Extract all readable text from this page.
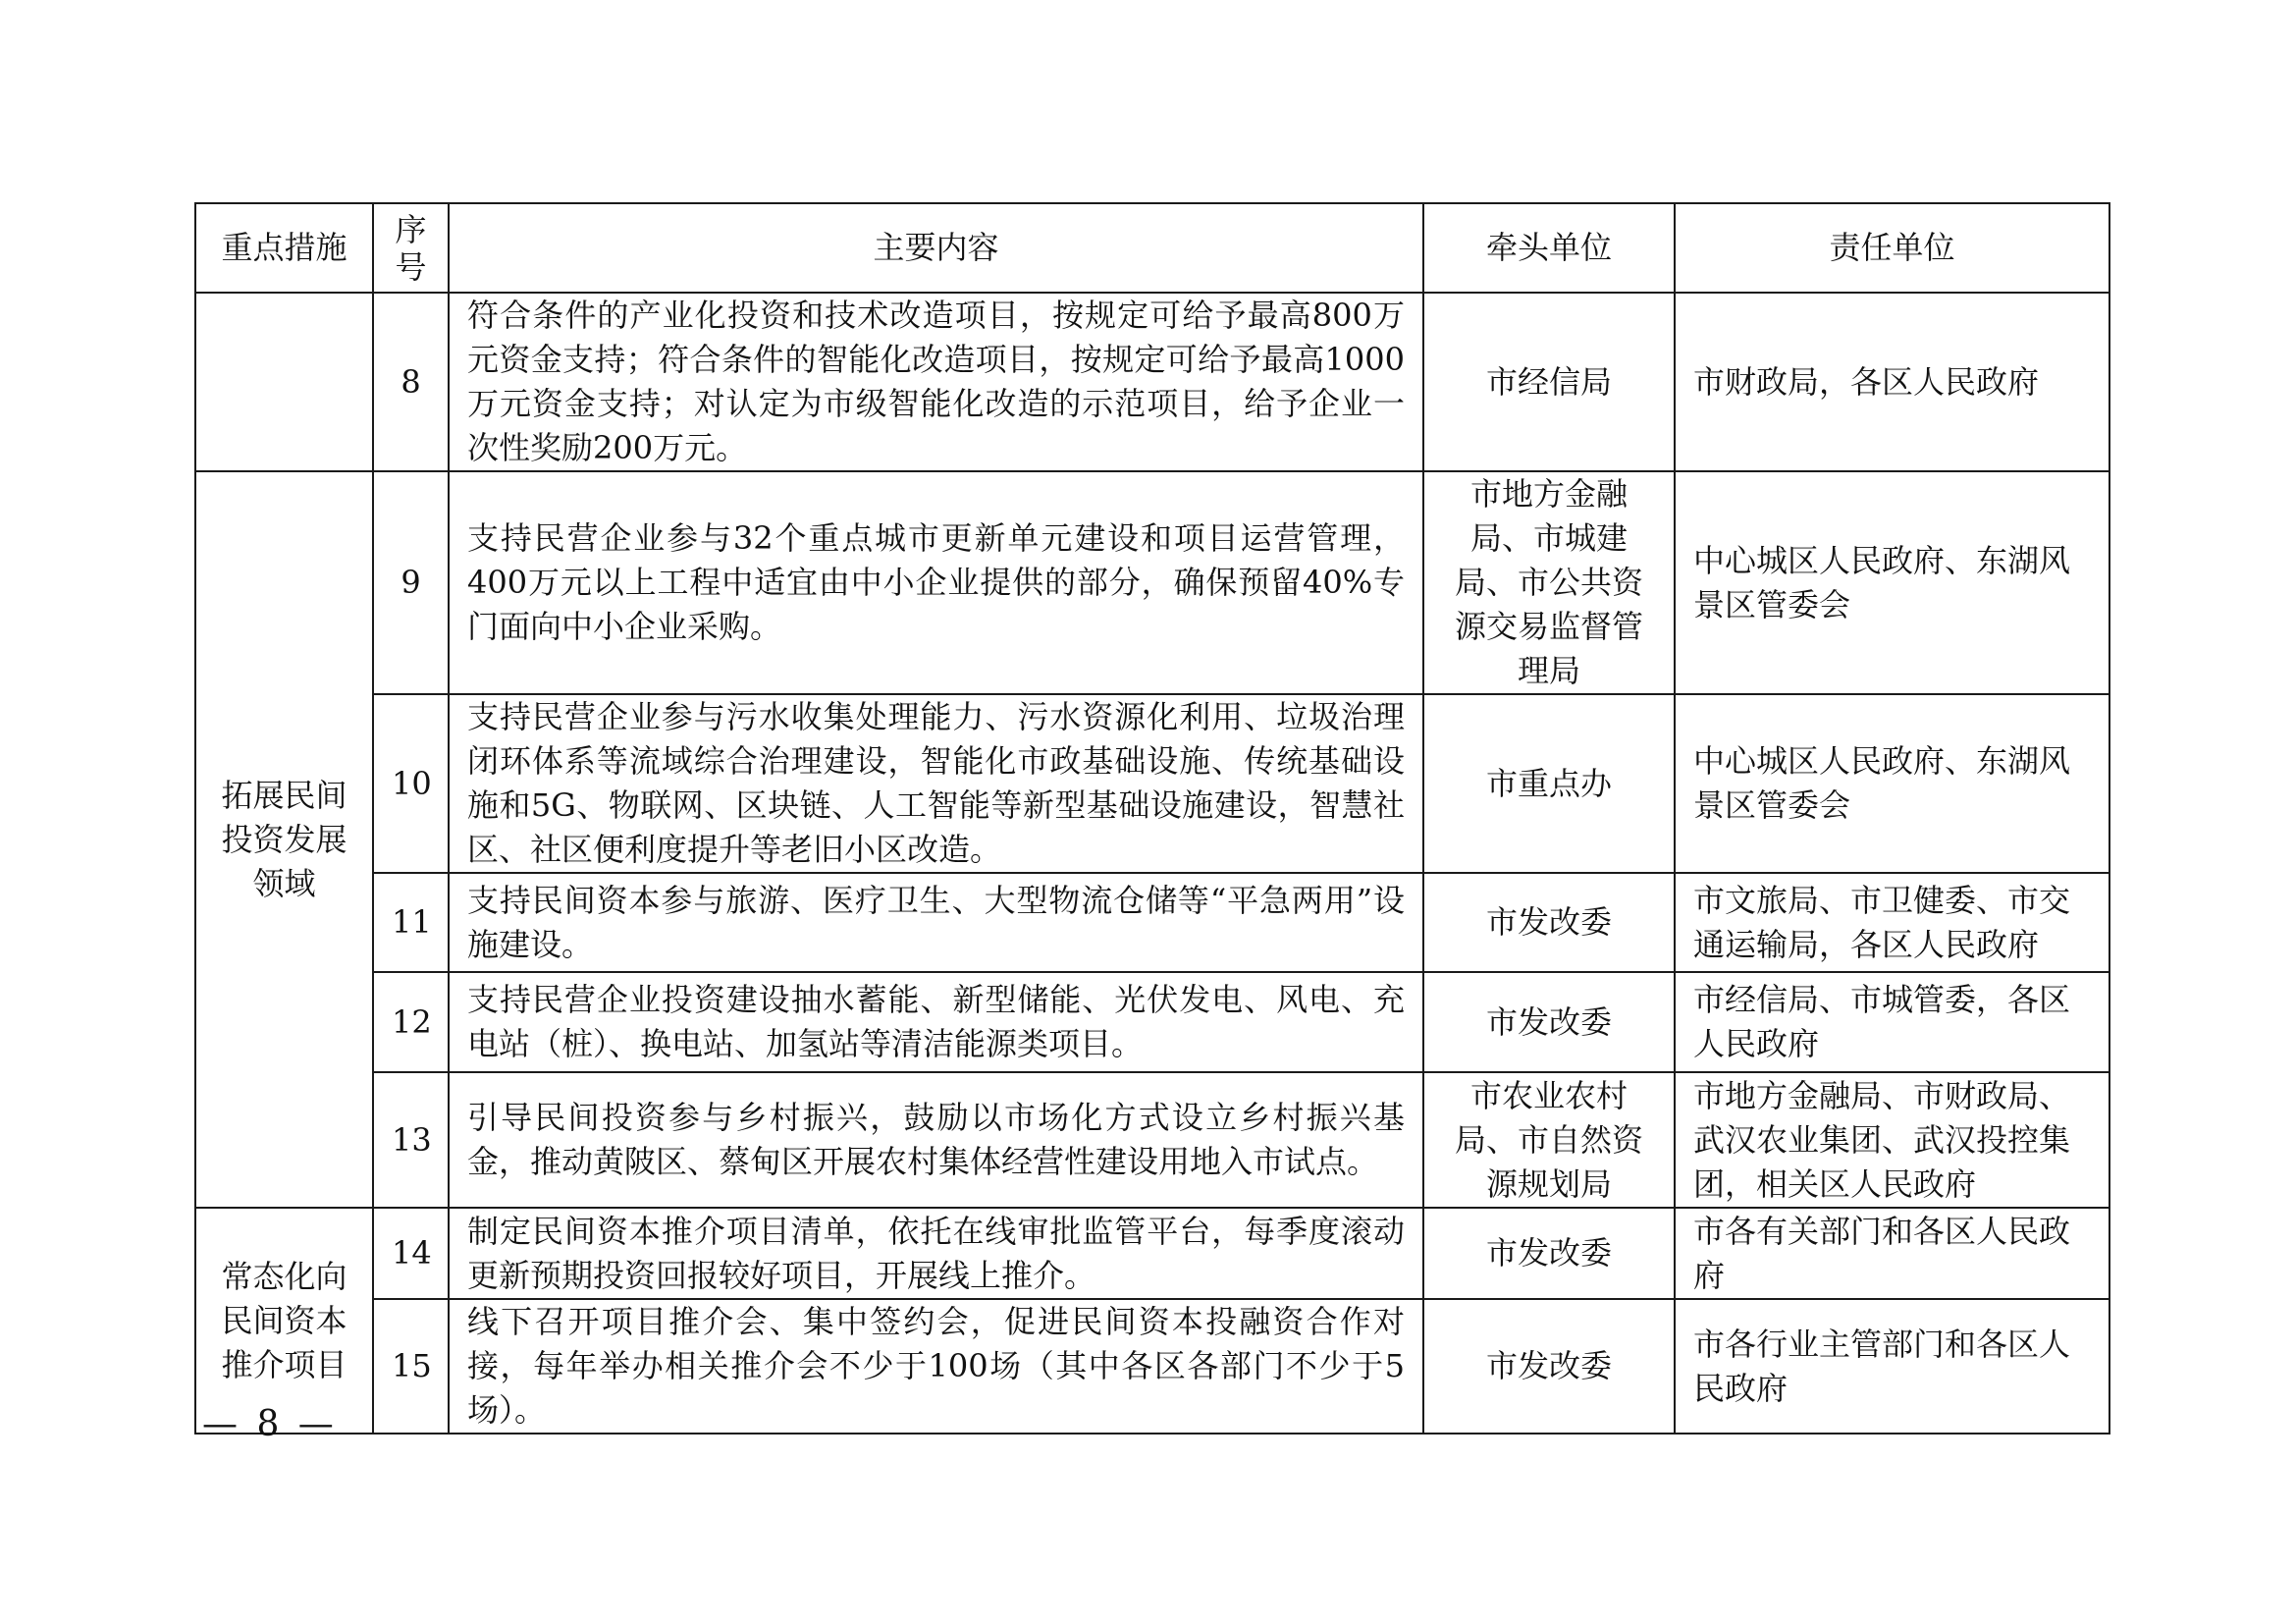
重点措施	序号	主要内容	牵头单位	责任单位
	8	符合条件的产业化投资和技术改造项目，按规定可给予最高800万元资金支持；符合条件的智能化改造项目，按规定可给予最高1000万元资金支持；对认定为市级智能化改造的示范项目，给予企业一次性奖励200万元。	市经信局	市财政局，各区人民政府
拓展民间投资发展领域	9	支持民营企业参与32个重点城市更新单元建设和项目运营管理，400万元以上工程中适宜由中小企业提供的部分，确保预留40%专门面向中小企业采购。	市地方金融局、市城建局、市公共资源交易监督管理局	中心城区人民政府、东湖风景区管委会
	10	支持民营企业参与污水收集处理能力、污水资源化利用、垃圾治理闭环体系等流域综合治理建设，智能化市政基础设施、传统基础设施和5G、物联网、区块链、人工智能等新型基础设施建设，智慧社区、社区便利度提升等老旧小区改造。	市重点办	中心城区人民政府、东湖风景区管委会
	11	支持民间资本参与旅游、医疗卫生、大型物流仓储等“平急两用”设施建设。	市发改委	市文旅局、市卫健委、市交通运输局，各区人民政府
	12	支持民营企业投资建设抽水蓄能、新型储能、光伏发电、风电、充电站（桩）、换电站、加氢站等清洁能源类项目。	市发改委	市经信局、市城管委，各区人民政府
	13	引导民间投资参与乡村振兴，鼓励以市场化方式设立乡村振兴基金，推动黄陂区、蔡甸区开展农村集体经营性建设用地入市试点。	市农业农村局、市自然资源规划局	市地方金融局、市财政局、武汉农业集团、武汉投控集团，相关区人民政府
常态化向民间资本推介项目	14	制定民间资本推介项目清单，依托在线审批监管平台，每季度滚动更新预期投资回报较好项目，开展线上推介。	市发改委	市各有关部门和各区人民政府
	15	线下召开项目推介会、集中签约会，促进民间资本投融资合作对接，每年举办相关推介会不少于100场（其中各区各部门不少于5场）。	市发改委	市各行业主管部门和各区人民政府
— 8 —
